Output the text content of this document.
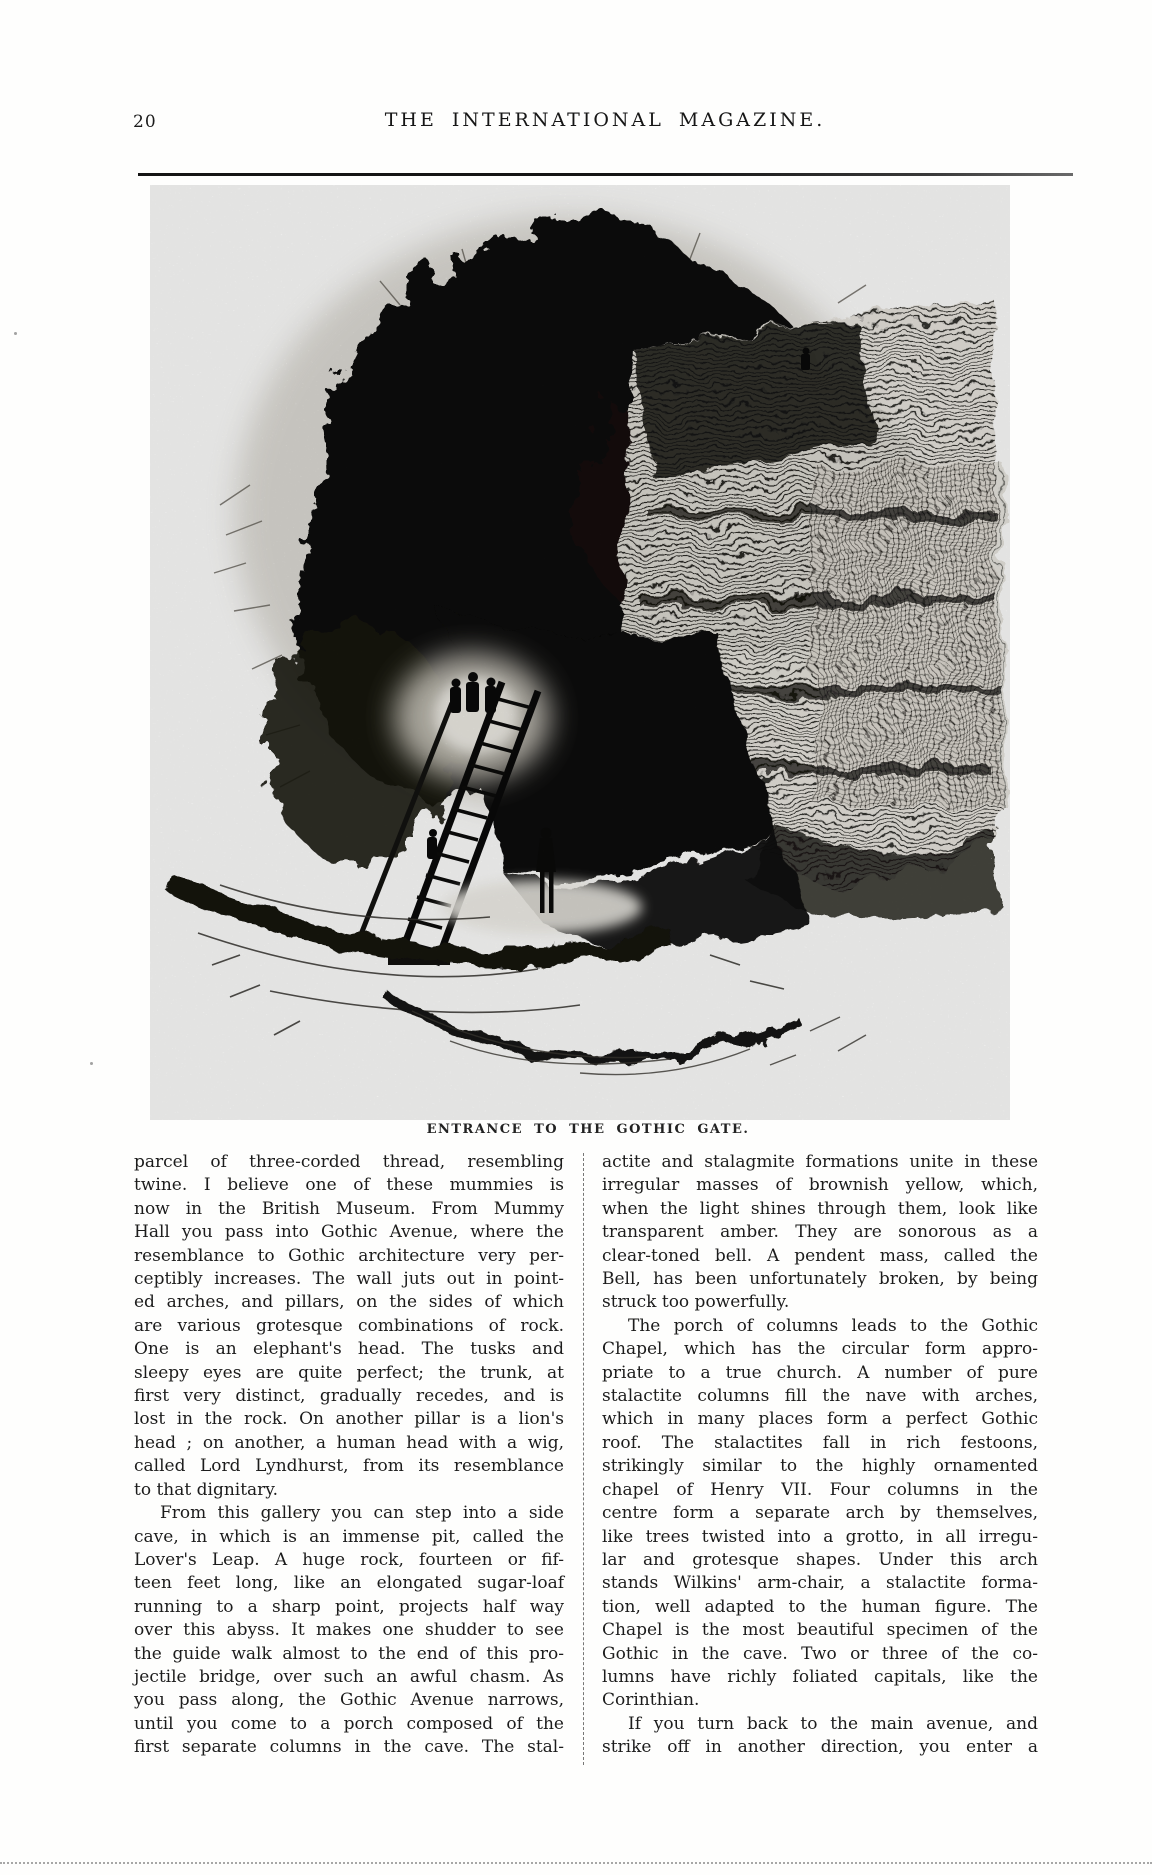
20	THE INTERNATIONAL MAGAZINE.
ENTRANCE TO THE GOTHIC GATE.
parcel of three-corded thread, resembling
twine. I believe one of these mummies is
now in the British Museum. From Mummy
Hall you pass into Gothic Avenue, where the
resemblance to Gothic architecture very per-
ceptibly increases. The wall juts out in point-
ed arches, and pillars, on the sides of which
are various grotesque combinations of rock.
One is an elephant's head. The tusks and
sleepy eyes are quite perfect; the trunk, at
first very distinct, gradually recedes, and is
lost in the rock. On another pillar is a lion's
head ; on another, a human head with a wig,
called Lord Lyndhurst, from its resemblance
to that dignitary.
From this gallery you can step into a side
cave, in which is an immense pit, called the
Lover's Leap. A huge rock, fourteen or fif-
teen feet long, like an elongated sugar-loaf
running to a sharp point, projects half way
over this abyss. It makes one shudder to see
the guide walk almost to the end of this pro-
jectile bridge, over such an awful chasm. As
you pass along, the Gothic Avenue narrows,
until you come to a porch composed of the
first separate columns in the cave. The stal-
actite and stalagmite formations unite in these
irregular masses of brownish yellow, which,
when the light shines through them, look like
transparent amber. They are sonorous as a
clear-toned bell. A pendent mass, called the
Bell, has been unfortunately broken, by being
struck too powerfully.
The porch of columns leads to the Gothic
Chapel, which has the circular form appro-
priate to a true church. A number of pure
stalactite columns fill the nave with arches,
which in many places form a perfect Gothic
roof. The stalactites fall in rich festoons,
strikingly similar to the highly ornamented
chapel of Henry VII. Four columns in the
centre form a separate arch by themselves,
like trees twisted into a grotto, in all irregu-
lar and grotesque shapes. Under this arch
stands Wilkins' arm-chair, a stalactite forma-
tion, well adapted to the human figure. The
Chapel is the most beautiful specimen of the
Gothic in the cave. Two or three of the co-
lumns have richly foliated capitals, like the
Corinthian.
If you turn back to the main avenue, and
strike off in another direction, you enter a
